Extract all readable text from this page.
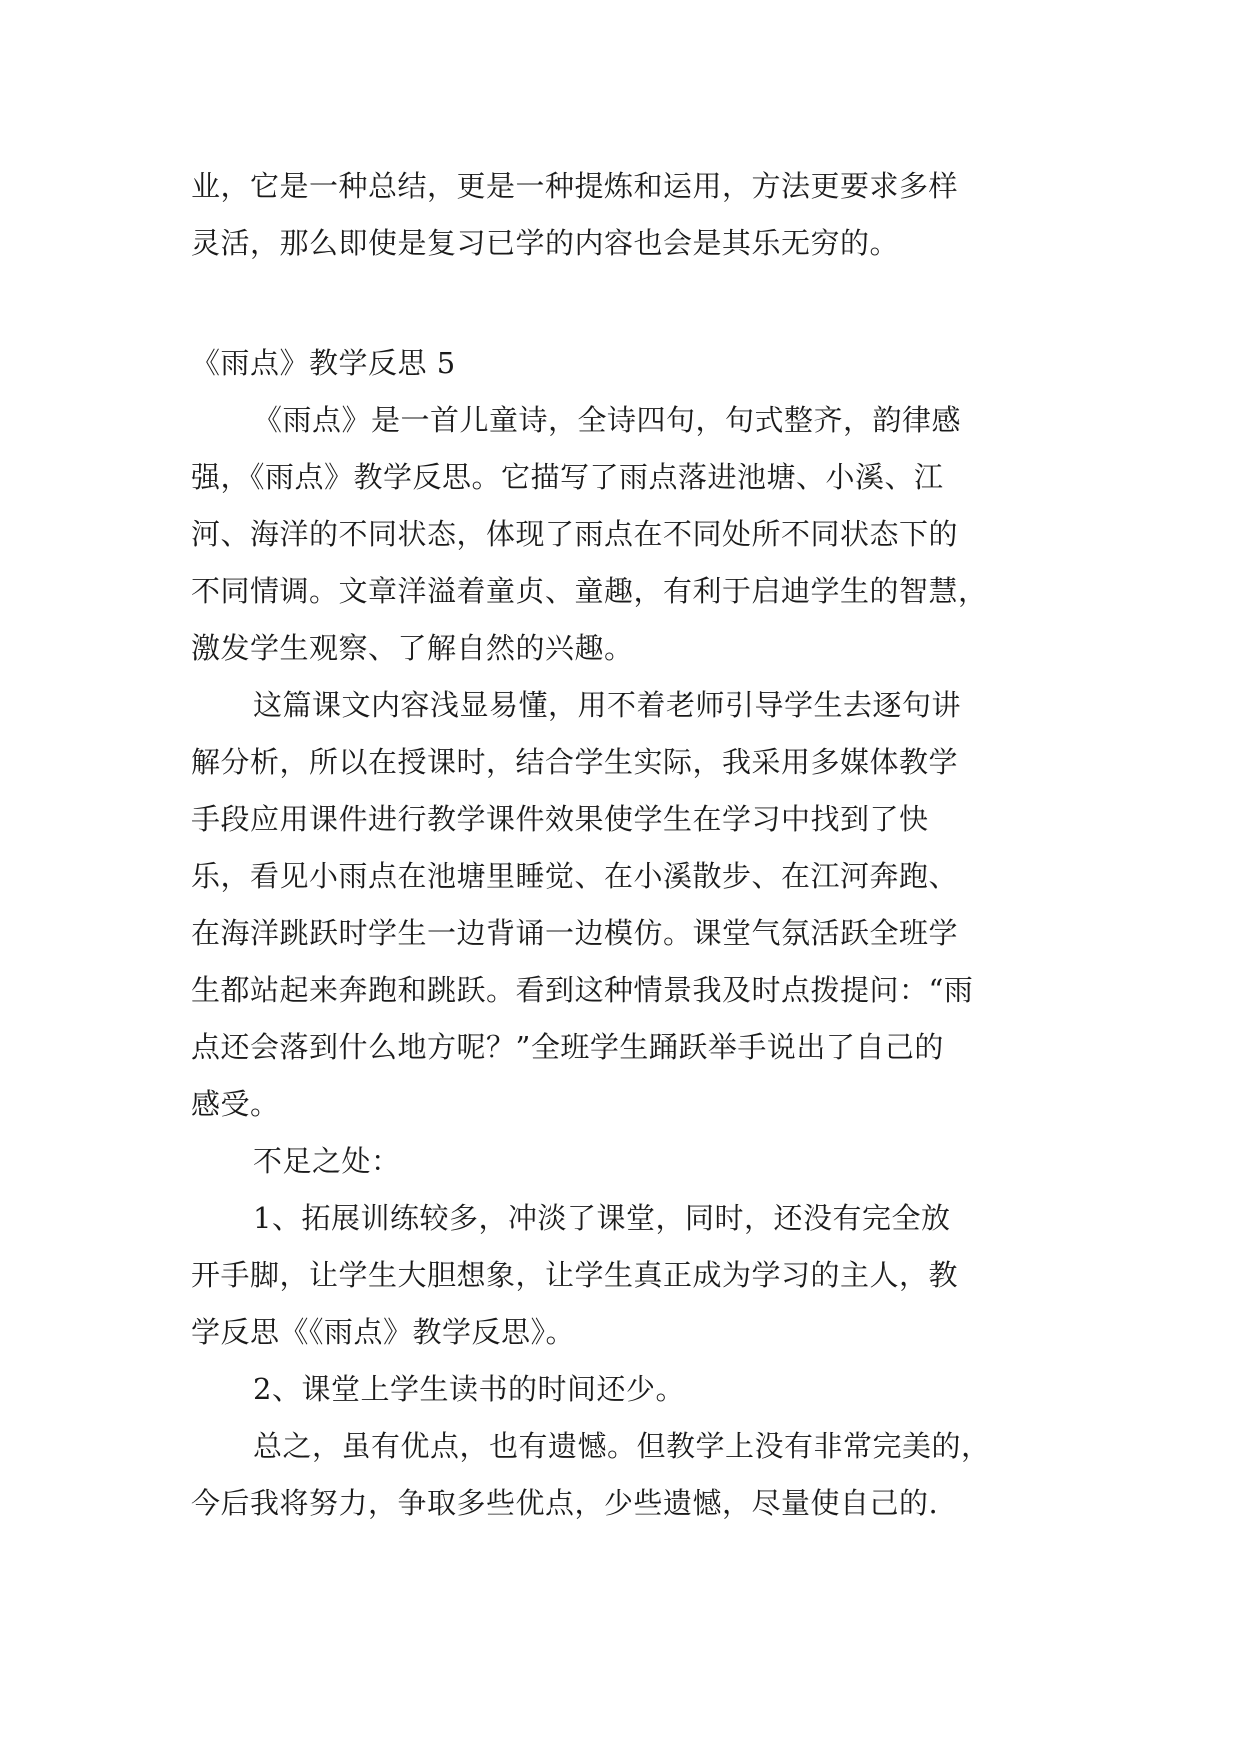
业，它是一种总结，更是一种提炼和运用，方法更要求多样
灵活，那么即使是复习已学的内容也会是其乐无穷的。
《雨点》教学反思 5
《雨点》是一首儿童诗，全诗四句，句式整齐，韵律感
强，《雨点》教学反思。它描写了雨点落进池塘、小溪、江
河、海洋的不同状态，体现了雨点在不同处所不同状态下的
不同情调。文章洋溢着童贞、童趣，有利于启迪学生的智慧，
激发学生观察、了解自然的兴趣。
这篇课文内容浅显易懂，用不着老师引导学生去逐句讲
解分析，所以在授课时，结合学生实际，我采用多媒体教学
手段应用课件进行教学课件效果使学生在学习中找到了快
乐，看见小雨点在池塘里睡觉、在小溪散步、在江河奔跑、
在海洋跳跃时学生一边背诵一边模仿。课堂气氛活跃全班学
生都站起来奔跑和跳跃。看到这种情景我及时点拨提问：“雨
点还会落到什么地方呢？”全班学生踊跃举手说出了自己的
感受。
不足之处：
1、拓展训练较多，冲淡了课堂，同时，还没有完全放
开手脚，让学生大胆想象，让学生真正成为学习的主人，教
学反思《《雨点》教学反思》。
2、课堂上学生读书的时间还少。
总之，虽有优点，也有遗憾。但教学上没有非常完美的，
今后我将努力，争取多些优点，少些遗憾，尽量使自己的.
